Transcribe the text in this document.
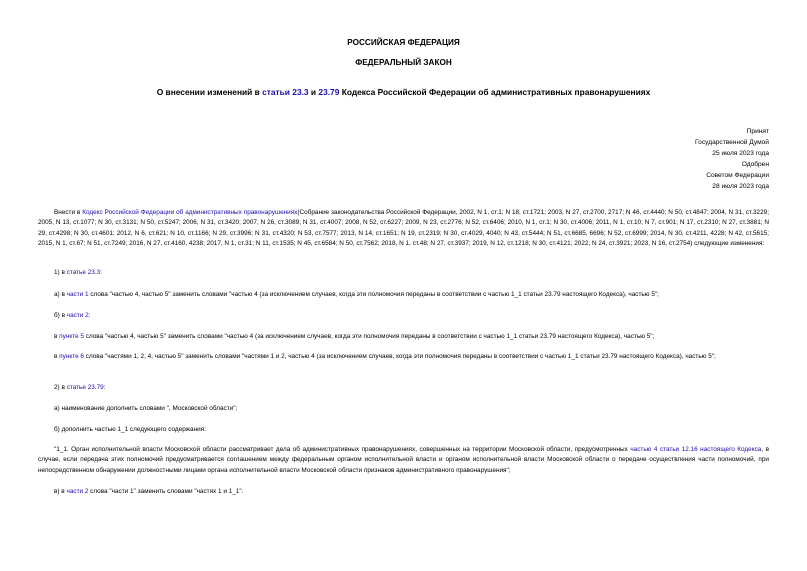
РОССИЙСКАЯ ФЕДЕРАЦИЯ
ФЕДЕРАЛЬНЫЙ ЗАКОН
О внесении изменений в статьи 23.3 и 23.79 Кодекса Российской Федерации об административных правонарушениях
Принят
Государственной Думой
25 июля 2023 года
Одобрен
Советом Федерации
28 июля 2023 года
Внести в Кодекс Российской Федерации об административных правонарушениях(Собрание законодательства Российской Федерации, 2002, N 1, ст.1; N 18, ст.1721; 2003, N 27, ст.2700, 2717; N 46, ст.4440; N 50, ст.4847; 2004, N 31, ст.3229; 2005, N 13, ст.1077; N 30, ст.3131; N 50, ст.5247; 2006, N 31, ст.3420; 2007, N 26, ст.3089; N 31, ст.4007; 2008, N 52, ст.6227; 2009, N 23, ст.2776; N 52, ст.6406; 2010, N 1, ст.1; N 30, ст.4006; 2011, N 1, ст.10; N 7, ст.901; N 17, ст.2310; N 27, ст.3881; N 29, ст.4298; N 30, ст.4601; 2012, N 6, ст.621; N 10, ст.1166; N 29, ст.3996; N 31, ст.4320; N 53, ст.7577; 2013, N 14, ст.1651; N 19, ст.2319; N 30, ст.4029, 4040; N 43, ст.5444; N 51, ст.6685, 6696; N 52, ст.6999; 2014, N 30, ст.4211, 4228; N 42, ст.5615; 2015, N 1, ст.67; N 51, ст.7249; 2016, N 27, ст.4160, 4238; 2017, N 1, ст.31; N 11, ст.1535; N 45, ст.6584; N 50, ст.7562; 2018, N 1, ст.48; N 27, ст.3937; 2019, N 12, ст.1218; N 30, ст.4121; 2022, N 24, ст.3921; 2023, N 16, ст.2754) следующие изменения:
1) в статье 23.3:
а) в части 1 слова "частью 4, частью 5" заменить словами "частью 4 (за исключением случаев, когда эти полномочия переданы в соответствии с частью 1_1 статьи 23.79 настоящего Кодекса), частью 5";
б) в части 2:
в пункте 5 слова "частью 4, частью 5" заменить словами "частью 4 (за исключением случаев, когда эти полномочия переданы в соответствии с частью 1_1 статьи 23.79 настоящего Кодекса), частью 5";
в пункте 6 слова "частями 1, 2, 4, частью 5" заменить словами "частями 1 и 2, частью 4 (за исключением случаев, когда эти полномочия переданы в соответствии с частью 1_1 статьи 23.79 настоящего Кодекса), частью 5";
2) в статье 23.79:
а) наименование дополнить словами ", Московской области";
б) дополнить частью 1_1 следующего содержания:
"1_1. Орган исполнительной власти Московской области рассматривает дела об административных правонарушениях, совершенных на территории Московской области, предусмотренных частью 4 статьи 12.16 настоящего Кодекса, в случае, если передача этих полномочий предусматривается соглашением между федеральным органом исполнительной власти и органом исполнительной власти Московской области о передаче осуществления части полномочий, при непосредственном обнаружении должностными лицами органа исполнительной власти Московской области признаков административного правонарушения";
в) в части 2 слова "части 1" заменить словами "частях 1 и 1_1".
